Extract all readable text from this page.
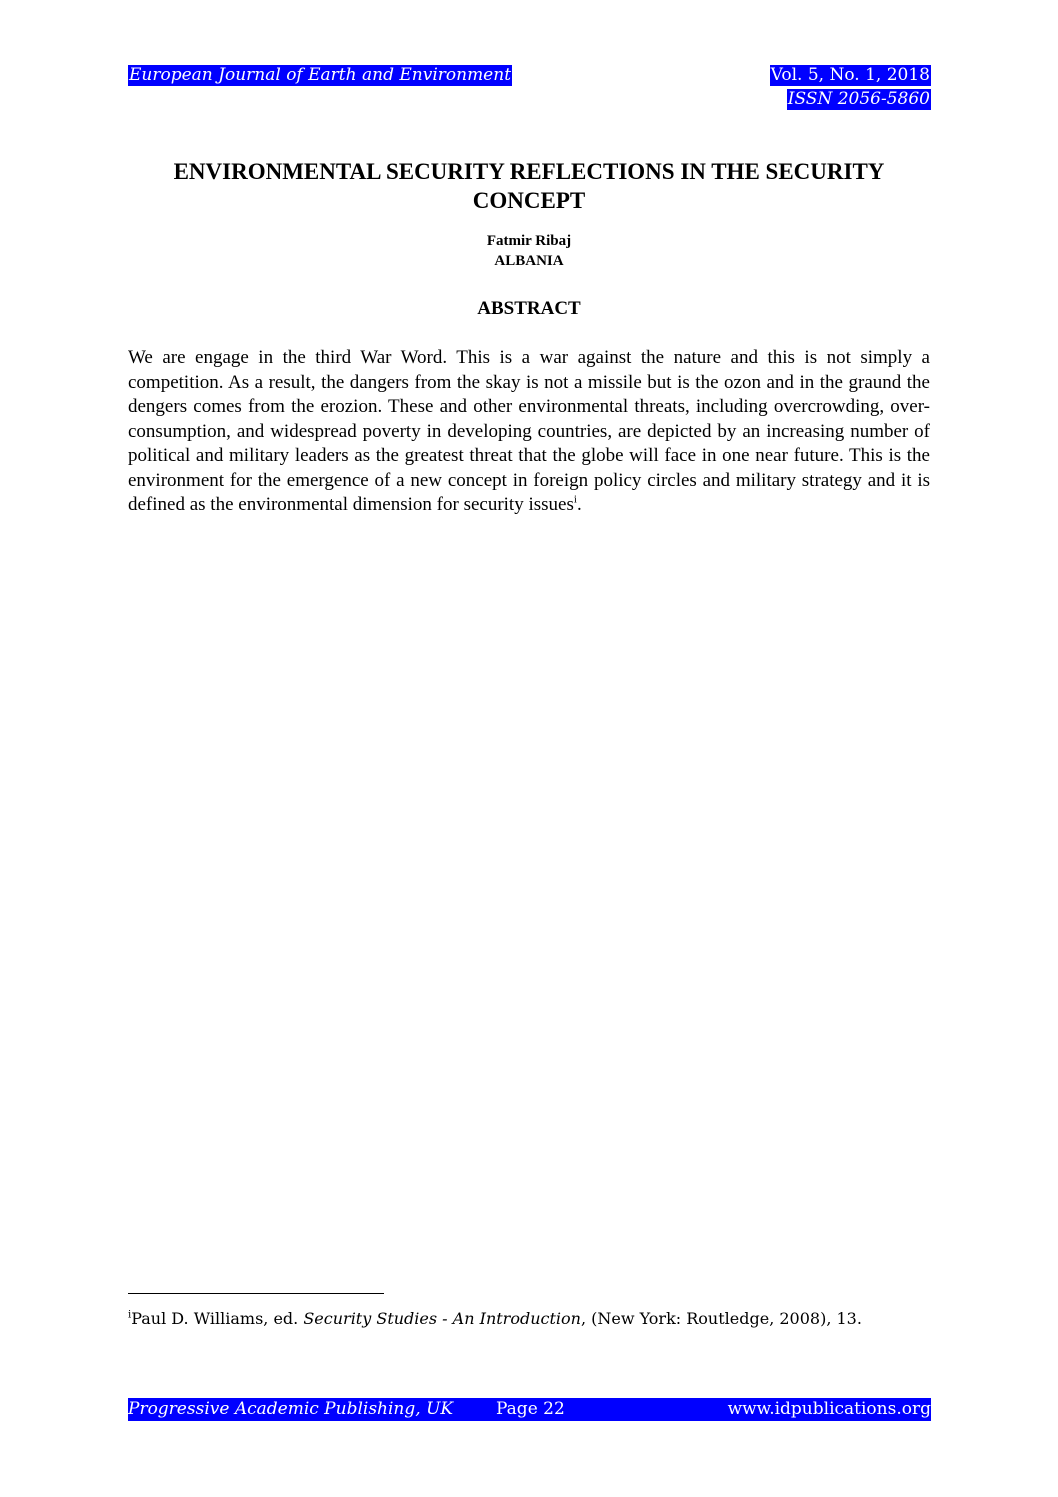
European Journal of Earth and Environment	Vol. 5, No. 1, 2018
ISSN 2056-5860
ENVIRONMENTAL SECURITY REFLECTIONS IN THE SECURITY CONCEPT
Fatmir Ribaj
ALBANIA
ABSTRACT

We are engage in the third War Word. This is a war against the nature and this is not simply a competition. As a result, the dangers from the skay is not a missile but is the ozon and in the graund the dengers comes from the erozion. These and other environmental threats, including overcrowding, over-consumption, and widespread poverty in developing countries, are depicted by an increasing number of political and military leaders as the greatest threat that the globe will face in one near future. This is the environment for the emergence of a new concept in foreign policy circles and military strategy and it is defined as the environmental dimension for security issues$^i$.

$^i$Paul D. Williams, ed. Security Studies - An Introduction, (New York: Routledge, 2008), 13.
Progressive Academic Publishing, UK	Page 22	www.idpublications.org
